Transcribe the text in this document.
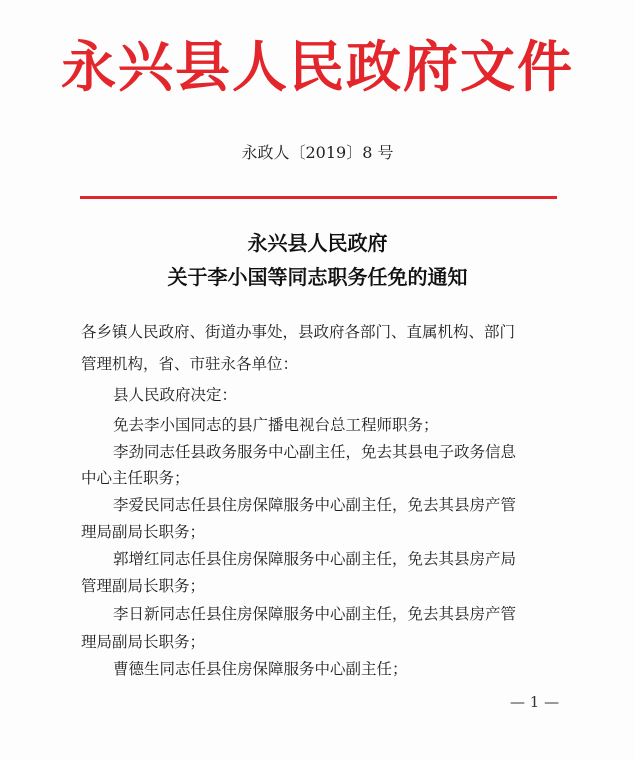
永兴县人民政府文件
永政人〔2019〕8 号
永兴县人民政府
关于李小国等同志职务任免的通知
各乡镇人民政府、街道办事处，县政府各部门、直属机构、部门
管理机构，省、市驻永各单位：
县人民政府决定：
免去李小国同志的县广播电视台总工程师职务；
李劲同志任县政务服务中心副主任，免去其县电子政务信息
中心主任职务；
李爱民同志任县住房保障服务中心副主任，免去其县房产管
理局副局长职务；
郭增红同志任县住房保障服务中心副主任，免去其县房产局
管理副局长职务；
李日新同志任县住房保障服务中心副主任，免去其县房产管
理局副局长职务；
曹德生同志任县住房保障服务中心副主任；
— 1 —
